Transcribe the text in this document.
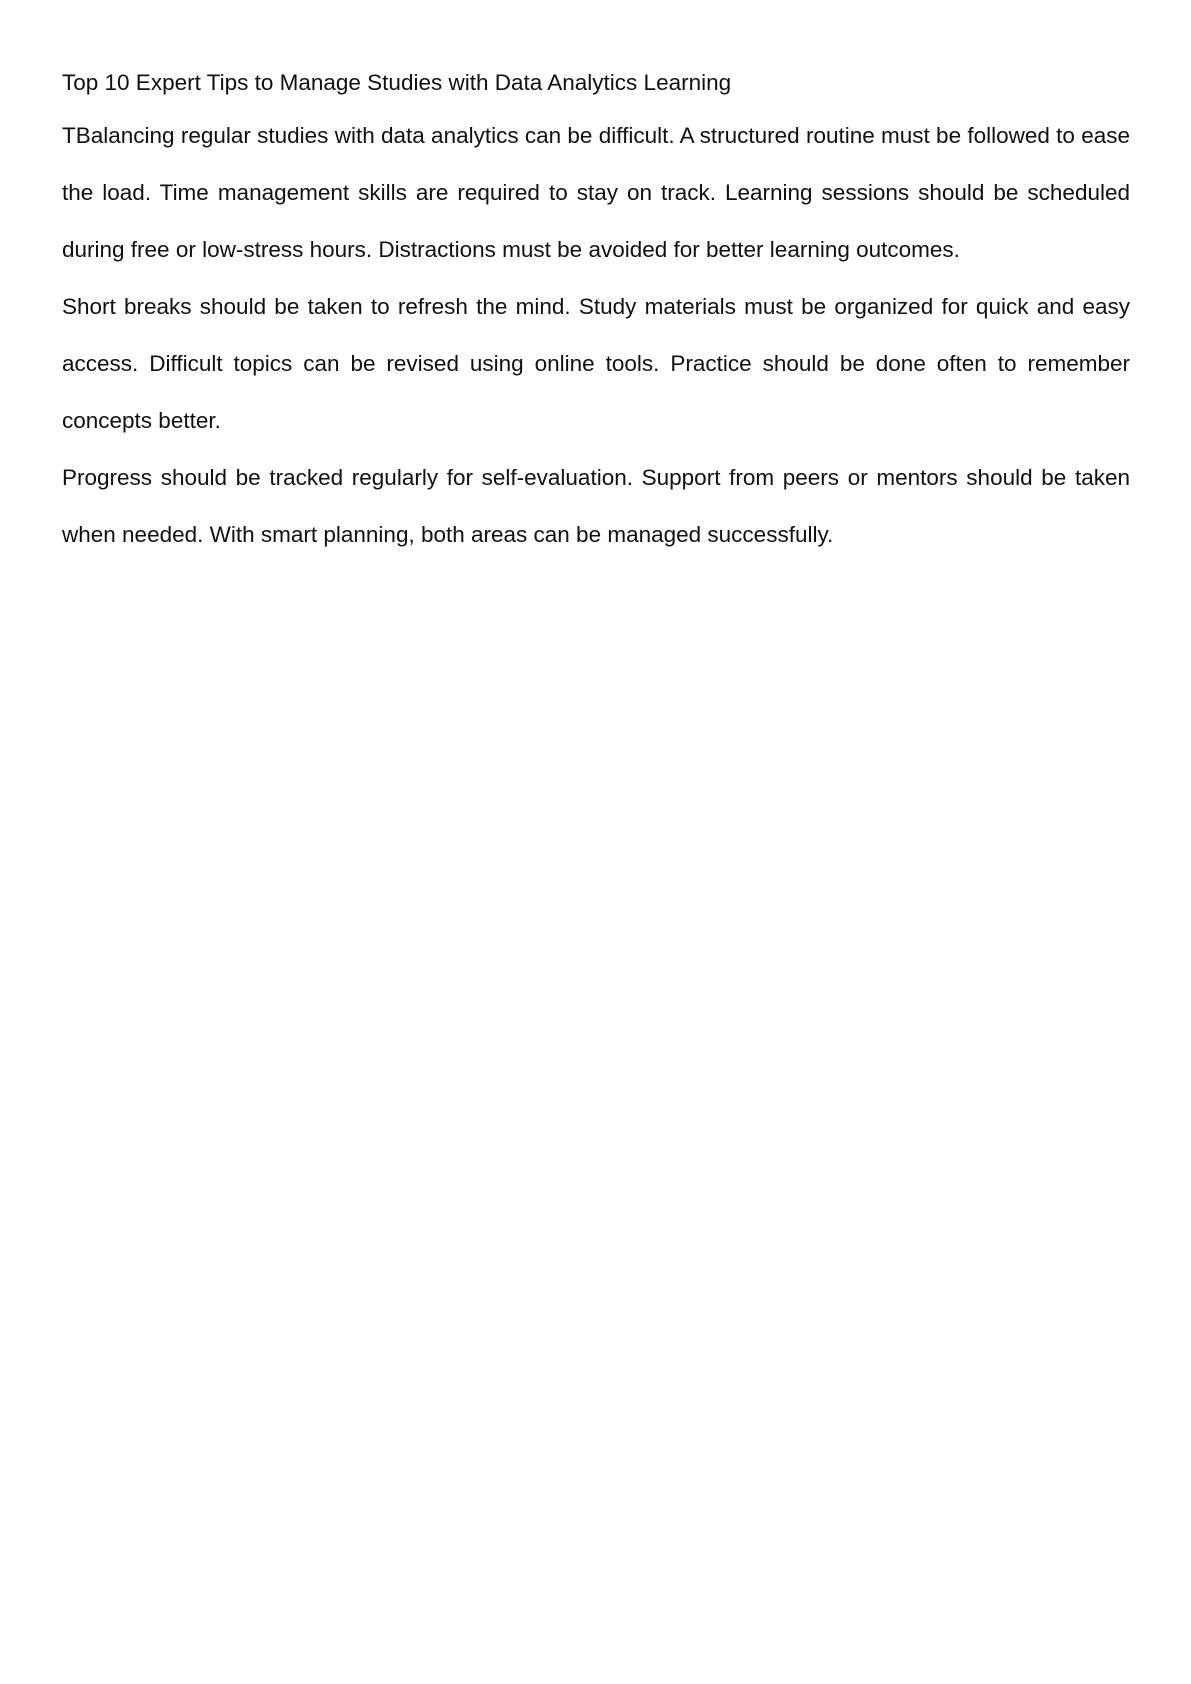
Top 10 Expert Tips to Manage Studies with Data Analytics Learning

TBalancing regular studies with data analytics can be difficult. A structured routine must be followed to ease the load. Time management skills are required to stay on track. Learning sessions should be scheduled during free or low-stress hours. Distractions must be avoided for better learning outcomes.

Short breaks should be taken to refresh the mind. Study materials must be organized for quick and easy access. Difficult topics can be revised using online tools. Practice should be done often to remember concepts better.

Progress should be tracked regularly for self-evaluation. Support from peers or mentors should be taken when needed. With smart planning, both areas can be managed successfully.
